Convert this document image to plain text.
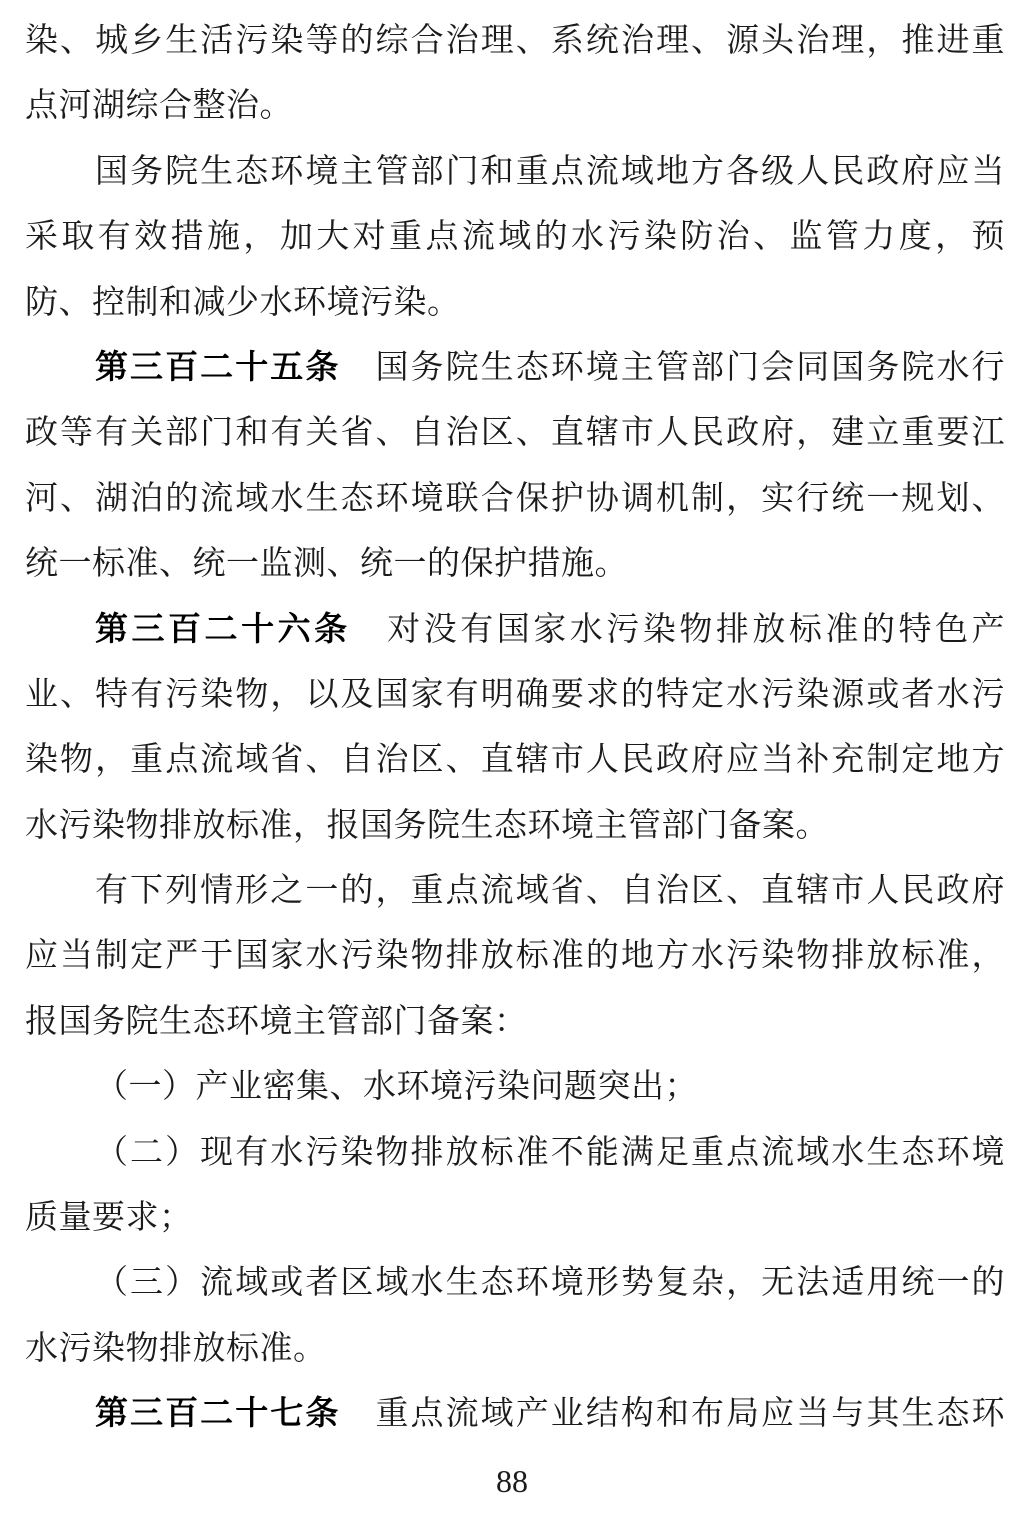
染、城乡生活污染等的综合治理、系统治理、源头治理，推进重
点河湖综合整治。
国务院生态环境主管部门和重点流域地方各级人民政府应当
采取有效措施，加大对重点流域的水污染防治、监管力度，预
防、控制和减少水环境污染。
第三百二十五条　国务院生态环境主管部门会同国务院水行
政等有关部门和有关省、自治区、直辖市人民政府，建立重要江
河、湖泊的流域水生态环境联合保护协调机制，实行统一规划、
统一标准、统一监测、统一的保护措施。
第三百二十六条　对没有国家水污染物排放标准的特色产
业、特有污染物，以及国家有明确要求的特定水污染源或者水污
染物，重点流域省、自治区、直辖市人民政府应当补充制定地方
水污染物排放标准，报国务院生态环境主管部门备案。
有下列情形之一的，重点流域省、自治区、直辖市人民政府
应当制定严于国家水污染物排放标准的地方水污染物排放标准，
报国务院生态环境主管部门备案：
（一）产业密集、水环境污染问题突出；
（二）现有水污染物排放标准不能满足重点流域水生态环境
质量要求；
（三）流域或者区域水生态环境形势复杂，无法适用统一的
水污染物排放标准。
第三百二十七条　重点流域产业结构和布局应当与其生态环
88
